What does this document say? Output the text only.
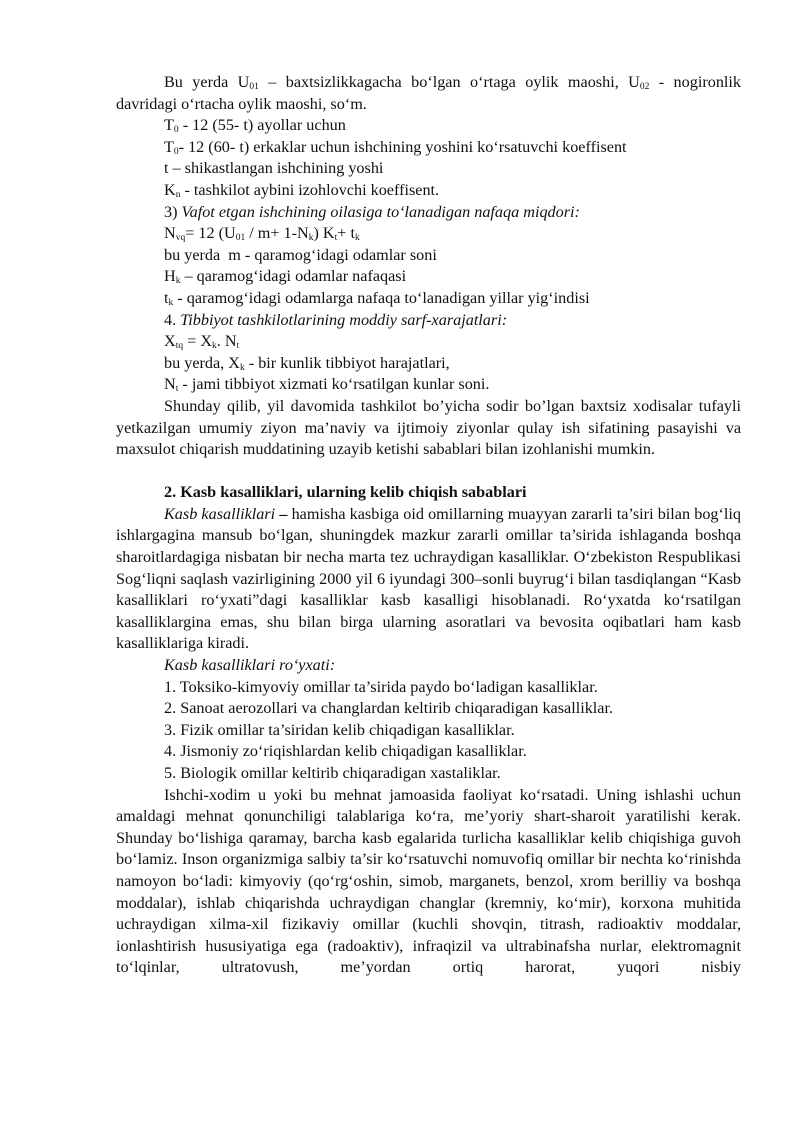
Bu yerda $U_{01}$ – baxtsizlikkagacha bo‘lgan o‘rtaga oylik maoshi, $U_{02}$ - nogironlik davridagi o‘rtacha oylik maoshi, so‘m.

$T_0 - 12$ (55- t) ayollar uchun

$T_0-$ 12 (60- t) erkaklar uchun ishchining yoshini ko‘rsatuvchi koeffisent

t – shikastlangan ishchining yoshi

$K_n$ - tashkilot aybini izohlovchi koeffisent.

3) Vafot etgan ishchining oilasiga to‘lanadigan nafaqa miqdori:

$N_{vq}= 12$ $(U_{01} / m+ 1-N_k)$ $K_t+ t_k$

bu yerda  m - qaramog‘idagi odamlar soni

$H_k$ – qaramog‘idagi odamlar nafaqasi

$t_k$ - qaramog‘idagi odamlarga nafaqa to‘lanadigan yillar yig‘indisi

4. Tibbiyot tashkilotlarining moddiy sarf-xarajatlari:

$X_{tq} = X_k$. $N_t$

bu yerda, $X_k$ - bir kunlik tibbiyot harajatlari,

$N_t$ - jami tibbiyot xizmati ko‘rsatilgan kunlar soni.

Shunday qilib, yil davomida tashkilot bo’yicha sodir bo’lgan baxtsiz xodisalar tufayli yetkazilgan umumiy ziyon ma’naviy va ijtimoiy ziyonlar qulay ish sifatining pasayishi va maxsulot chiqarish muddatining uzayib ketishi sabablari bilan izohlanishi mumkin.

2. Kasb kasalliklari, ularning kelib chiqish sabablari

Kasb kasalliklari – hamisha kasbiga oid omillarning muayyan zararli ta’siri bilan bog‘liq ishlargagina mansub bo‘lgan, shuningdek mazkur zararli omillar ta’sirida ishlaganda boshqa sharoitlardagiga nisbatan bir necha marta tez uchraydigan kasalliklar. O‘zbekiston Respublikasi Sog‘liqni saqlash vazirligining 2000 yil 6 iyundagi 300–sonli buyrug‘i bilan tasdiqlangan “Kasb kasalliklari ro‘yxati”dagi kasalliklar kasb kasalligi hisoblanadi. Ro‘yxatda ko‘rsatilgan kasalliklargina emas, shu bilan birga ularning asoratlari va bevosita oqibatlari ham kasb kasalliklariga kiradi.

Kasb kasalliklari ro‘yxati:

1. Toksiko-kimyoviy omillar ta’sirida paydo bo‘ladigan kasalliklar.

2. Sanoat aerozollari va changlardan keltirib chiqaradigan kasalliklar.

3. Fizik omillar ta’siridan kelib chiqadigan kasalliklar.

4. Jismoniy zo‘riqishlardan kelib chiqadigan kasalliklar.

5. Biologik omillar keltirib chiqaradigan xastaliklar.

Ishchi-xodim u yoki bu mehnat jamoasida faoliyat ko‘rsatadi. Uning ishlashi uchun amaldagi mehnat qonunchiligi talablariga ko‘ra, me’yoriy shart-sharoit yaratilishi kerak. Shunday bo‘lishiga qaramay, barcha kasb egalarida turlicha kasalliklar kelib chiqishiga guvoh bo‘lamiz. Inson organizmiga salbiy ta’sir ko‘rsatuvchi nomuvofiq omillar bir nechta ko‘rinishda namoyon bo‘ladi: kimyoviy (qo‘rg‘oshin, simob, marganets, benzol, xrom berilliy va boshqa moddalar), ishlab chiqarishda uchraydigan changlar (kremniy, ko‘mir), korxona muhitida uchraydigan xilma-xil fizikaviy omillar (kuchli shovqin, titrash, radioaktiv moddalar, ionlashtirish hususiyatiga ega (radoaktiv), infraqizil va ultrabinafsha nurlar, elektromagnit to‘lqinlar, ultratovush, me’yordan ortiq harorat, yuqori nisbiy
